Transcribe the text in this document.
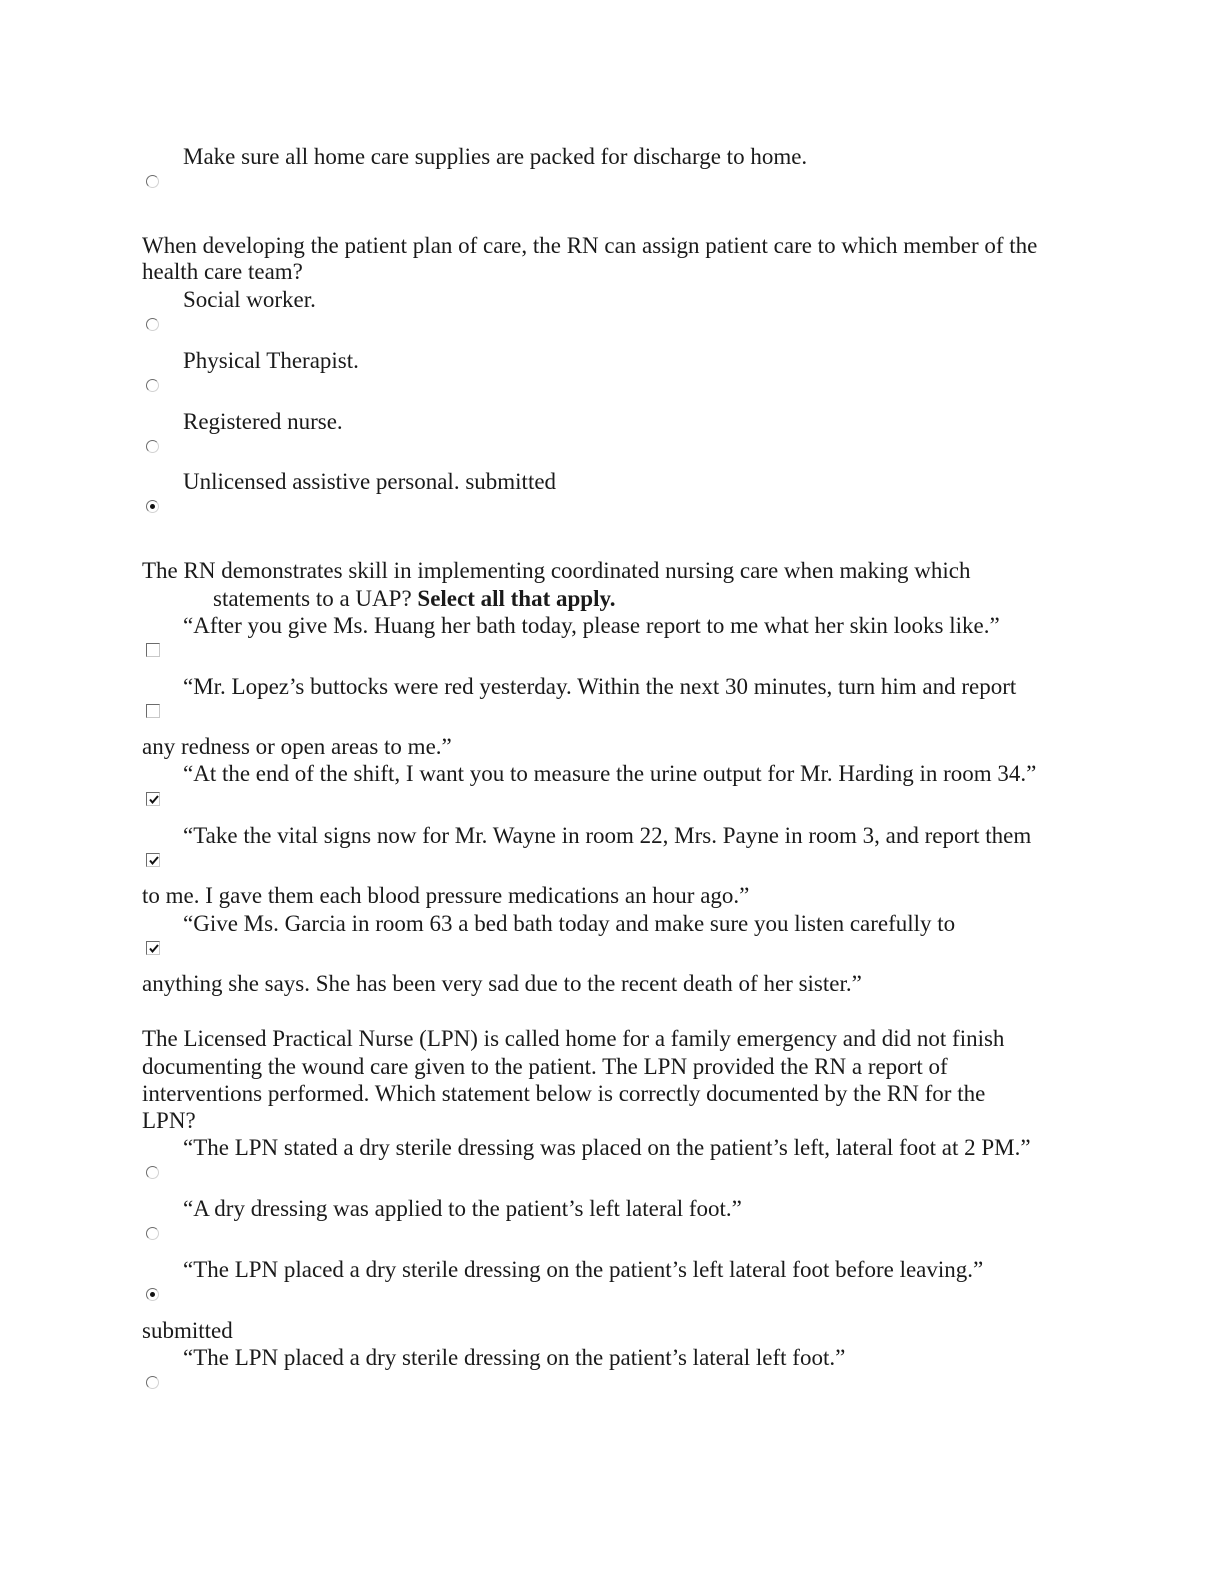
Make sure all home care supplies are packed for discharge to home.

When developing the patient plan of care, the RN can assign patient care to which member of the

health care team?

Social worker.

Physical Therapist.

Registered nurse.

Unlicensed assistive personal. submitted

The RN demonstrates skill in implementing coordinated nursing care when making which

statements to a UAP? Select all that apply.

“After you give Ms. Huang her bath today, please report to me what her skin looks like.”

“Mr. Lopez’s buttocks were red yesterday. Within the next 30 minutes, turn him and report

any redness or open areas to me.”

“At the end of the shift, I want you to measure the urine output for Mr. Harding in room 34.”

“Take the vital signs now for Mr. Wayne in room 22, Mrs. Payne in room 3, and report them

to me. I gave them each blood pressure medications an hour ago.”

“Give Ms. Garcia in room 63 a bed bath today and make sure you listen carefully to

anything she says. She has been very sad due to the recent death of her sister.”

The Licensed Practical Nurse (LPN) is called home for a family emergency and did not finish

documenting the wound care given to the patient. The LPN provided the RN a report of

interventions performed. Which statement below is correctly documented by the RN for the

LPN?

“The LPN stated a dry sterile dressing was placed on the patient’s left, lateral foot at 2 PM.”

“A dry dressing was applied to the patient’s left lateral foot.”

“The LPN placed a dry sterile dressing on the patient’s left lateral foot before leaving.”

submitted

“The LPN placed a dry sterile dressing on the patient’s lateral left foot.”
